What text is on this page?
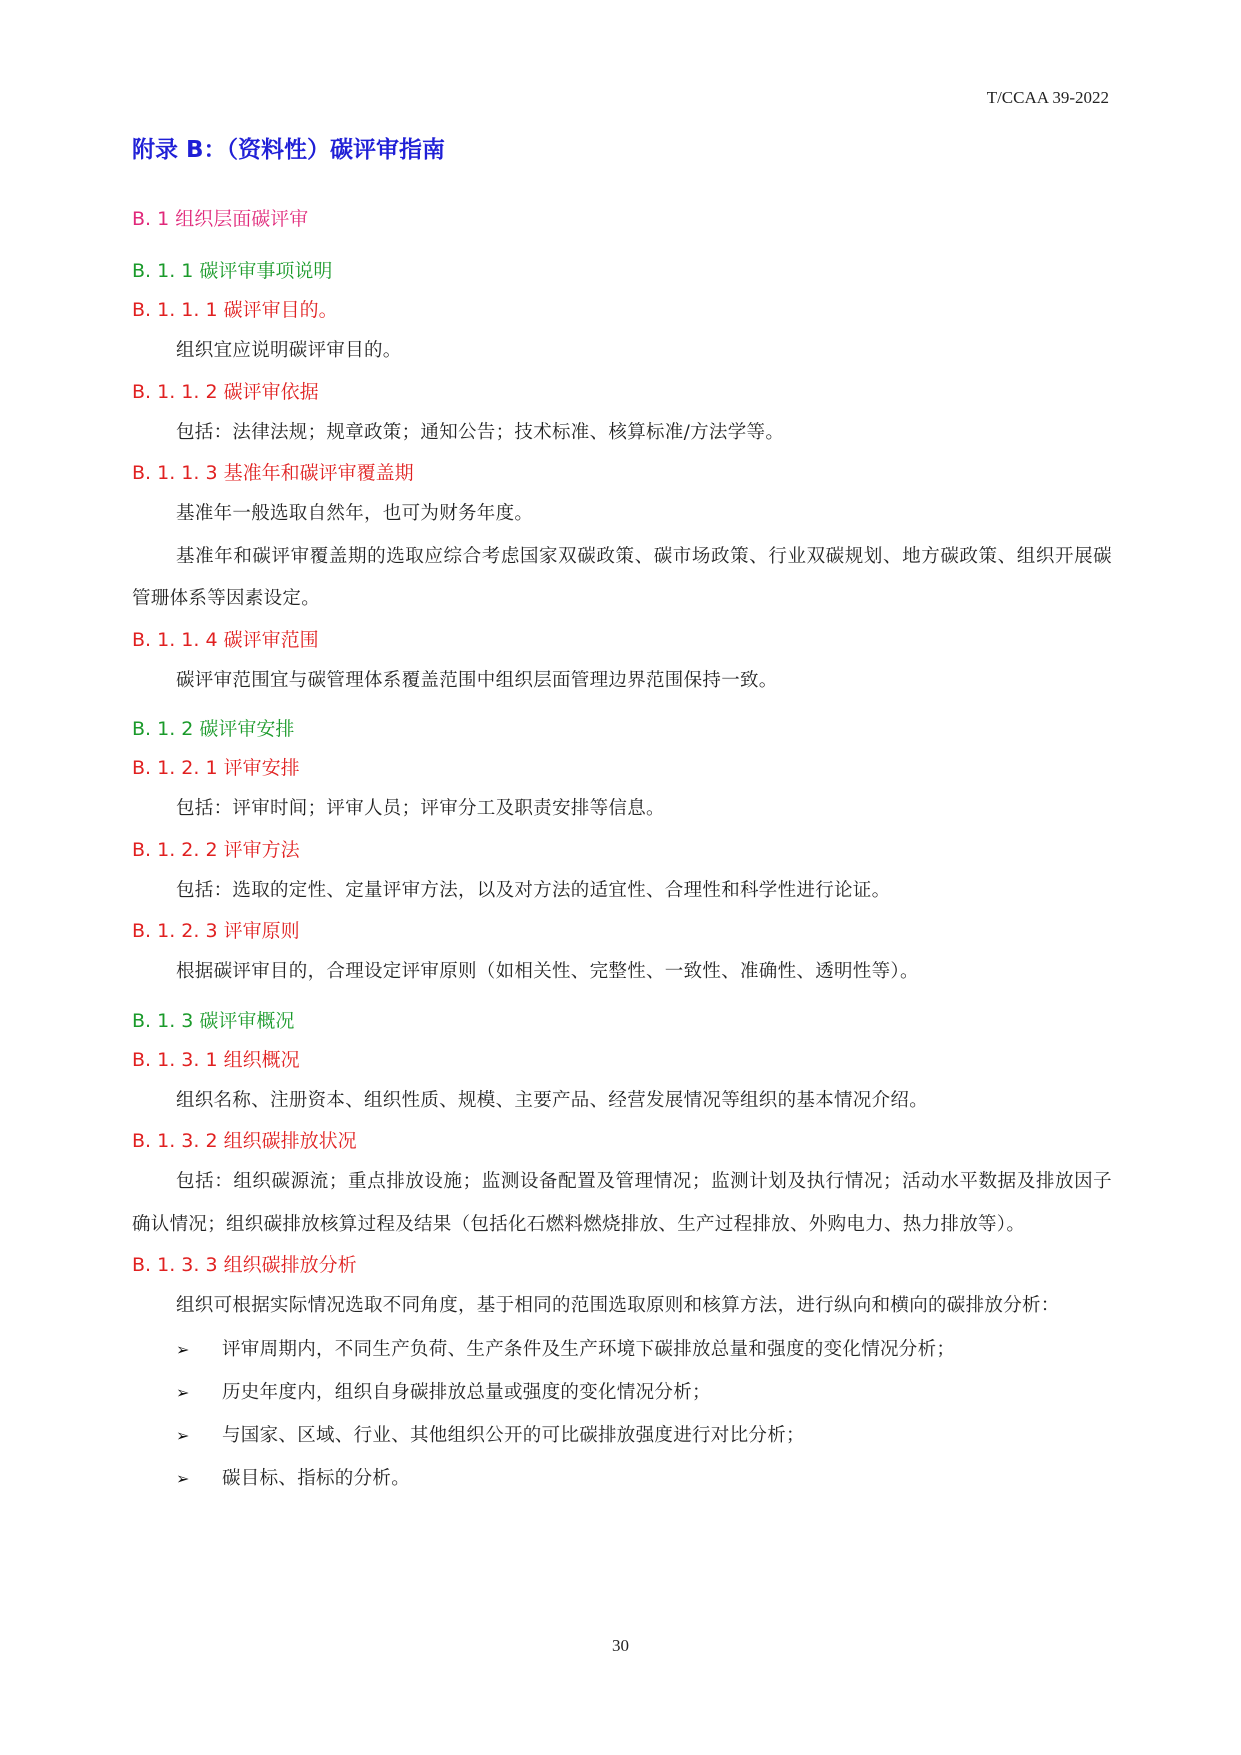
T/CCAA 39-2022
附录 B：（资料性）碳评审指南
B. 1 组织层面碳评审
B. 1. 1 碳评审事项说明
B. 1. 1. 1 碳评审目的。

组织宜应说明碳评审目的。

B. 1. 1. 2 碳评审依据

包括：法律法规；规章政策；通知公告；技术标准、核算标准/方法学等。

B. 1. 1. 3 基准年和碳评审覆盖期

基准年一般选取自然年，也可为财务年度。

基准年和碳评审覆盖期的选取应综合考虑国家双碳政策、碳市场政策、行业双碳规划、地方碳政策、组织开展碳管珊体系等因素设定。

B. 1. 1. 4 碳评审范围

碳评审范围宜与碳管理体系覆盖范围中组织层面管理边界范围保持一致。

B. 1. 2 碳评审安排
B. 1. 2. 1 评审安排

包括：评审时间；评审人员；评审分工及职责安排等信息。

B. 1. 2. 2 评审方法

包括：选取的定性、定量评审方法，以及对方法的适宜性、合理性和科学性进行论证。

B. 1. 2. 3 评审原则

根据碳评审目的，合理设定评审原则（如相关性、完整性、一致性、准确性、透明性等）。

B. 1. 3 碳评审概况
B. 1. 3. 1 组织概况

组织名称、注册资本、组织性质、规模、主要产品、经营发展情况等组织的基本情况介绍。

B. 1. 3. 2 组织碳排放状况

包括：组织碳源流；重点排放设施；监测设备配置及管理情况；监测计划及执行情况；活动水平数据及排放因子确认情况；组织碳排放核算过程及结果（包括化石燃料燃烧排放、生产过程排放、外购电力、热力排放等）。

B. 1. 3. 3 组织碳排放分析

组织可根据实际情况选取不同角度，基于相同的范围选取原则和核算方法，进行纵向和横向的碳排放分析：

➢ 评审周期内，不同生产负荷、生产条件及生产环境下碳排放总量和强度的变化情况分析；
➢ 历史年度内，组织自身碳排放总量或强度的变化情况分析；
➢ 与国家、区域、行业、其他组织公开的可比碳排放强度进行对比分析；
➢ 碳目标、指标的分析。
30
